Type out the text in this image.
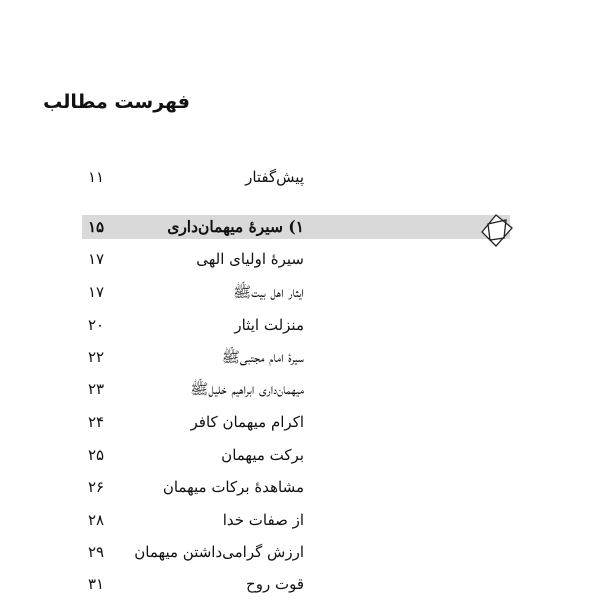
فهرست مطالب
پیش‌گفتار
۱۱
۱) سیرهٔ میهمان‌داری
۱۵
سیرهٔ اولیای الهی
۱۷
ایثار اهل بیت‌ﷺ
۱۷
منزلت ایثار
۲۰
سیرهٔ امام مجتبی‌ﷺ
۲۲
میهمان‌داری ابراهیم خلیل‌ﷺ
۲۳
اکرام میهمان کافر
۲۴
برکت میهمان
۲۵
مشاهدهٔ برکات میهمان
۲۶
از صفات خدا
۲۸
ارزش گرامی‌داشتن میهمان
۲۹
قوت روح
۳۱
